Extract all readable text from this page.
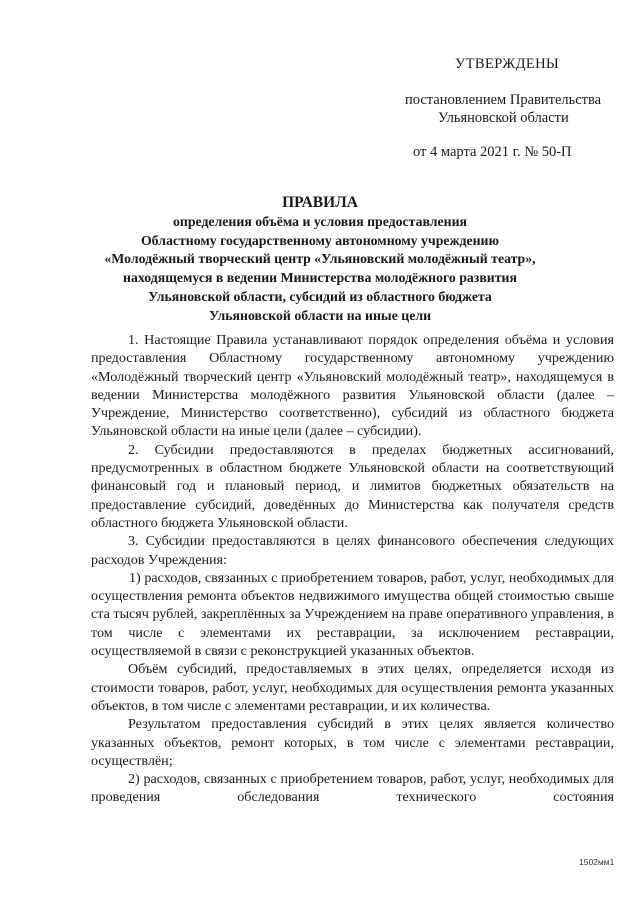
УТВЕРЖДЕНЫ
постановлением Правительства
Ульяновской области
от 4 марта 2021 г. № 50-П
ПРАВИЛА
определения объёма и условия предоставления
Областному государственному автономному учреждению
«Молодёжный творческий центр «Ульяновский молодёжный театр»,
находящемуся в ведении Министерства молодёжного развития
Ульяновской области, субсидий из областного бюджета
Ульяновской области на иные цели

1. Настоящие Правила устанавливают порядок определения объёма и условия предоставления Областному государственному автономному учреждению «Молодёжный творческий центр «Ульяновский молодёжный театр», находящемуся в ведении Министерства молодёжного развития Ульяновской области (далее – Учреждение, Министерство соответственно), субсидий из областного бюджета Ульяновской области на иные цели (далее – субсидии).

2. Субсидии предоставляются в пределах бюджетных ассигнований, предусмотренных в областном бюджете Ульяновской области на соответствующий финансовый год и плановый период, и лимитов бюджетных обязательств на предоставление субсидий, доведённых до Министерства как получателя средств областного бюджета Ульяновской области.

3. Субсидии предоставляются в целях финансового обеспечения следующих расходов Учреждения:

1) расходов, связанных с приобретением товаров, работ, услуг, необходимых для осуществления ремонта объектов недвижимого имущества общей стоимостью свыше ста тысяч рублей, закреплённых за Учреждением на праве оперативного управления, в том числе с элементами их реставрации, за исключением реставрации, осуществляемой в связи с реконструкцией указанных объектов.

Объём субсидий, предоставляемых в этих целях, определяется исходя из стоимости товаров, работ, услуг, необходимых для осуществления ремонта указанных объектов, в том числе с элементами реставрации, и их количества.

Результатом предоставления субсидий в этих целях является количество указанных объектов, ремонт которых, в том числе с элементами реставрации, осуществлён;

2) расходов, связанных с приобретением товаров, работ, услуг, необходимых для проведения обследования технического состояния

1502мм1
